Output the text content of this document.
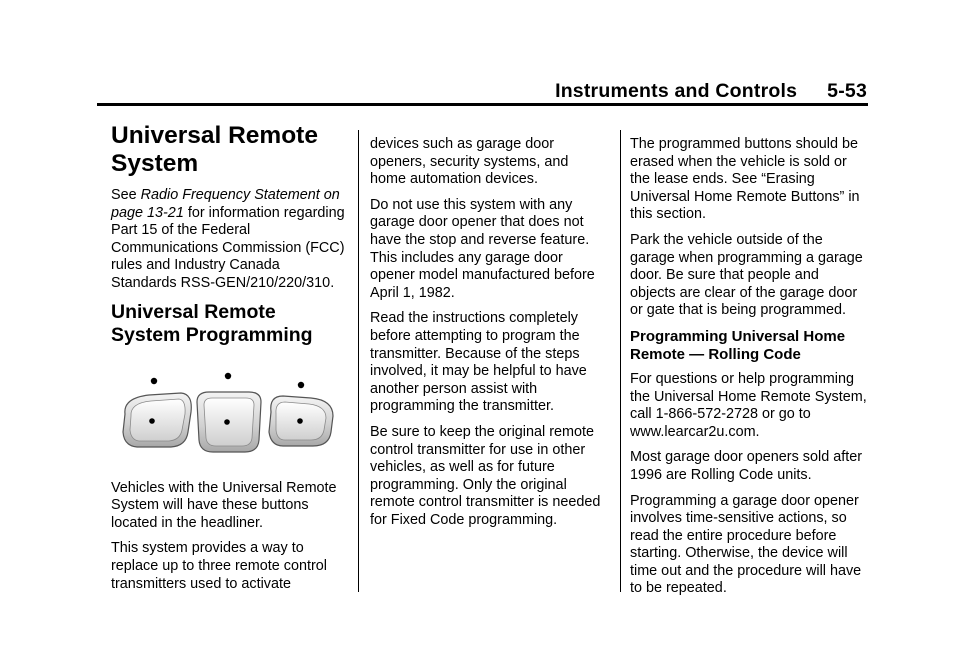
Instruments and Controls 5-53
Universal Remote System

See Radio Frequency Statement on page 13-21 for information regarding Part 15 of the Federal Communications Commission (FCC) rules and Industry Canada Standards RSS-GEN/210/220/310.

Universal Remote System Programming

Vehicles with the Universal Remote System will have these buttons located in the headliner.

This system provides a way to replace up to three remote control transmitters used to activate

devices such as garage door openers, security systems, and home automation devices.

Do not use this system with any garage door opener that does not have the stop and reverse feature. This includes any garage door opener model manufactured before April 1, 1982.

Read the instructions completely before attempting to program the transmitter. Because of the steps involved, it may be helpful to have another person assist with programming the transmitter.

Be sure to keep the original remote control transmitter for use in other vehicles, as well as for future programming. Only the original remote control transmitter is needed for Fixed Code programming.

The programmed buttons should be erased when the vehicle is sold or the lease ends. See “Erasing Universal Home Remote Buttons” in this section.

Park the vehicle outside of the garage when programming a garage door. Be sure that people and objects are clear of the garage door or gate that is being programmed.

Programming Universal Home Remote — Rolling Code

For questions or help programming the Universal Home Remote System, call 1-866-572-2728 or go to www.learcar2u.com.

Most garage door openers sold after 1996 are Rolling Code units.

Programming a garage door opener involves time-sensitive actions, so read the entire procedure before starting. Otherwise, the device will time out and the procedure will have to be repeated.
